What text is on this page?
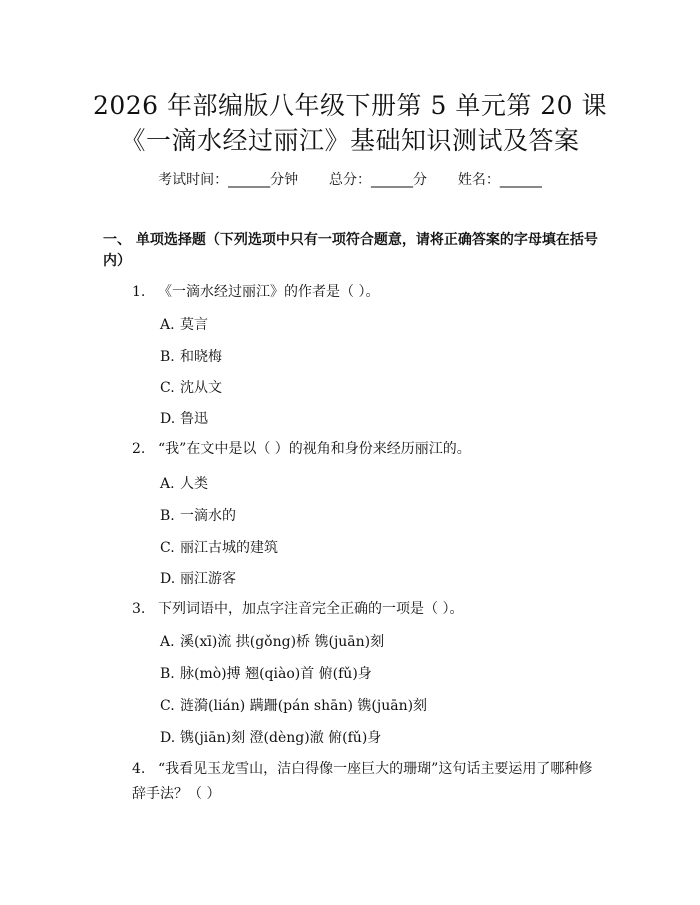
2026 年部编版八年级下册第 5 单元第 20 课
《一滴水经过丽江》基础知识测试及答案
考试时间：______分钟 总分：______分 姓名：______
一、 单项选择题（下列选项中只有一项符合题意，请将正确答案的字母填在括号内）
1. 《一滴水经过丽江》的作者是（ ）。
A. 莫言
B. 和晓梅
C. 沈从文
D. 鲁迅
2. “我”在文中是以（ ）的视角和身份来经历丽江的。
A. 人类
B. 一滴水的
C. 丽江古城的建筑
D. 丽江游客
3. 下列词语中，加点字注音完全正确的一项是（ ）。
A. 溪(xī)流 拱(gǒng)桥 镌(juān)刻
B. 脉(mò)搏 翘(qiào)首 俯(fǔ)身
C. 涟漪(lián) 蹒跚(pán shān) 镌(juān)刻
D. 镌(jiān)刻 澄(dèng)澈 俯(fǔ)身
4. “我看见玉龙雪山，洁白得像一座巨大的珊瑚”这句话主要运用了哪种修辞手法？（ ）
